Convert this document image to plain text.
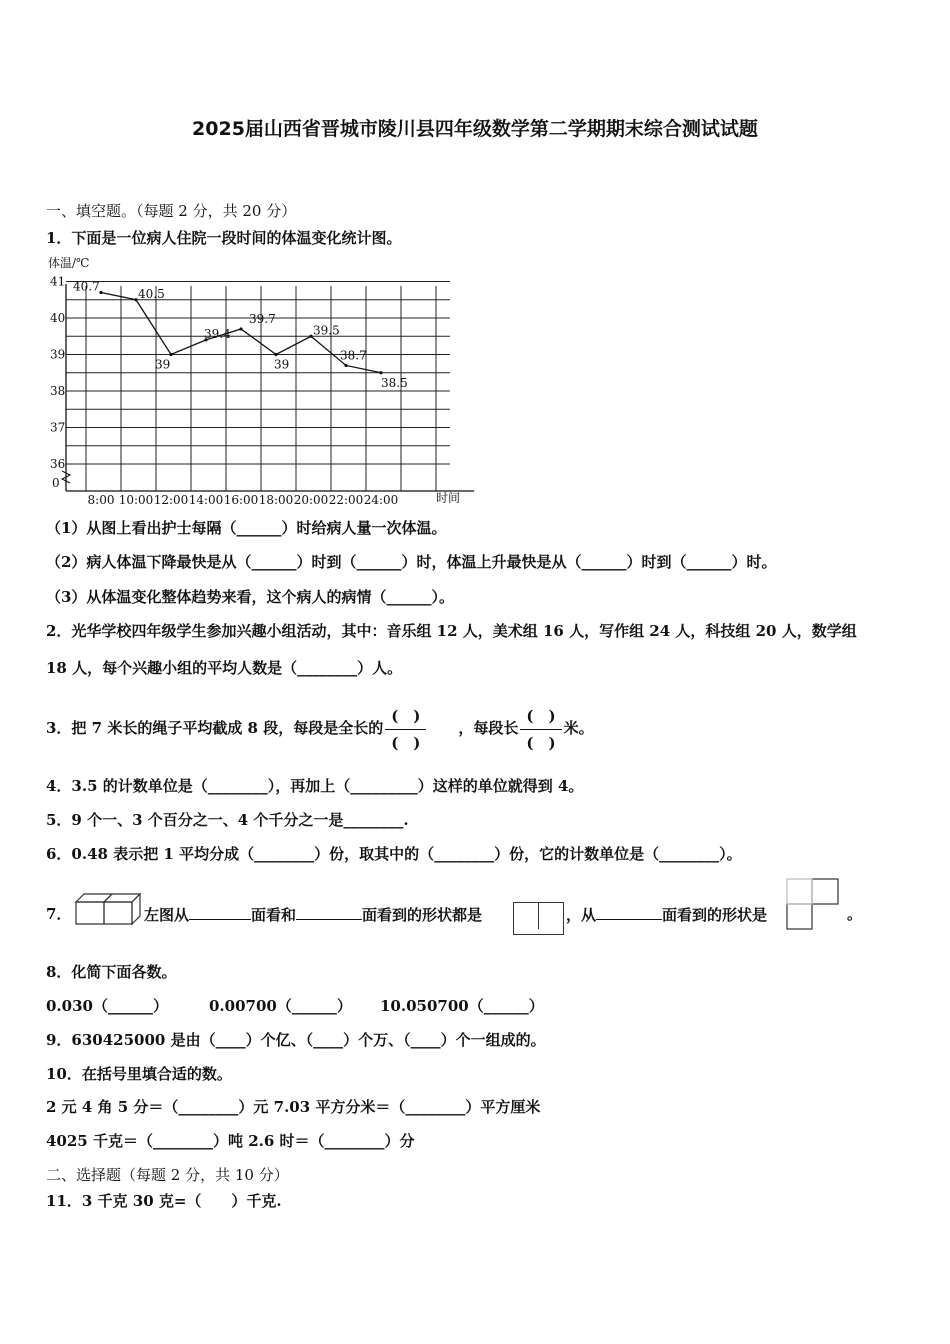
2025届山西省晋城市陵川县四年级数学第二学期期末综合测试试题
一、填空题。（每题 2 分，共 20 分）
1．下面是一位病人住院一段时间的体温变化统计图。
体温/℃
时间
0
36
37
38
39
40
41
8:00 10:00 12:00 14:00 16:00 18:00 20:00 22:00 24:00
40.7
40.5
39
39.4
39.7
39
39.5
38.7
38.5
（1）从图上看出护士每隔（______）时给病人量一次体温。
（2）病人体温下降最快是从（______）时到（______）时，体温上升最快是从（______）时到（______）时。
（3）从体温变化整体趋势来看，这个病人的病情（______）。
2．光华学校四年级学生参加兴趣小组活动，其中：音乐组 12 人，美术组 16 人，写作组 24 人，科技组 20 人，数学组
18 人，每个兴趣小组的平均人数是（________）人。
3．把 7 米长的绳子平均截成 8 段，每段是全长的 $\frac{( )}{( )}$ ，每段长 $\frac{( )}{( )}$ 米。
4．3.5 的计数单位是（________），再加上（_________）这样的单位就得到 4。
5．9 个一、3 个百分之一、4 个千分之一是________.
6．0.48 表示把 1 平均分成（________）份，取其中的（________）份，它的计数单位是（________）。
7．	左图从	面看和	面看到的形状都是	，从	面看到的形状是	。
8．化简下面各数。
0.030（______）	0.00700（______） 10.050700（______）
9．630425000 是由（____）个亿、（____）个万、（____）个一组成的。
10．在括号里填合适的数。
2 元 4 角 5 分＝（________）元 7.03 平方分米＝（________）平方厘米
4025 千克＝（________）吨 2.6 时＝（________）分
二、选择题（每题 2 分，共 10 分）
11．3 千克 30 克=（　　）千克.
